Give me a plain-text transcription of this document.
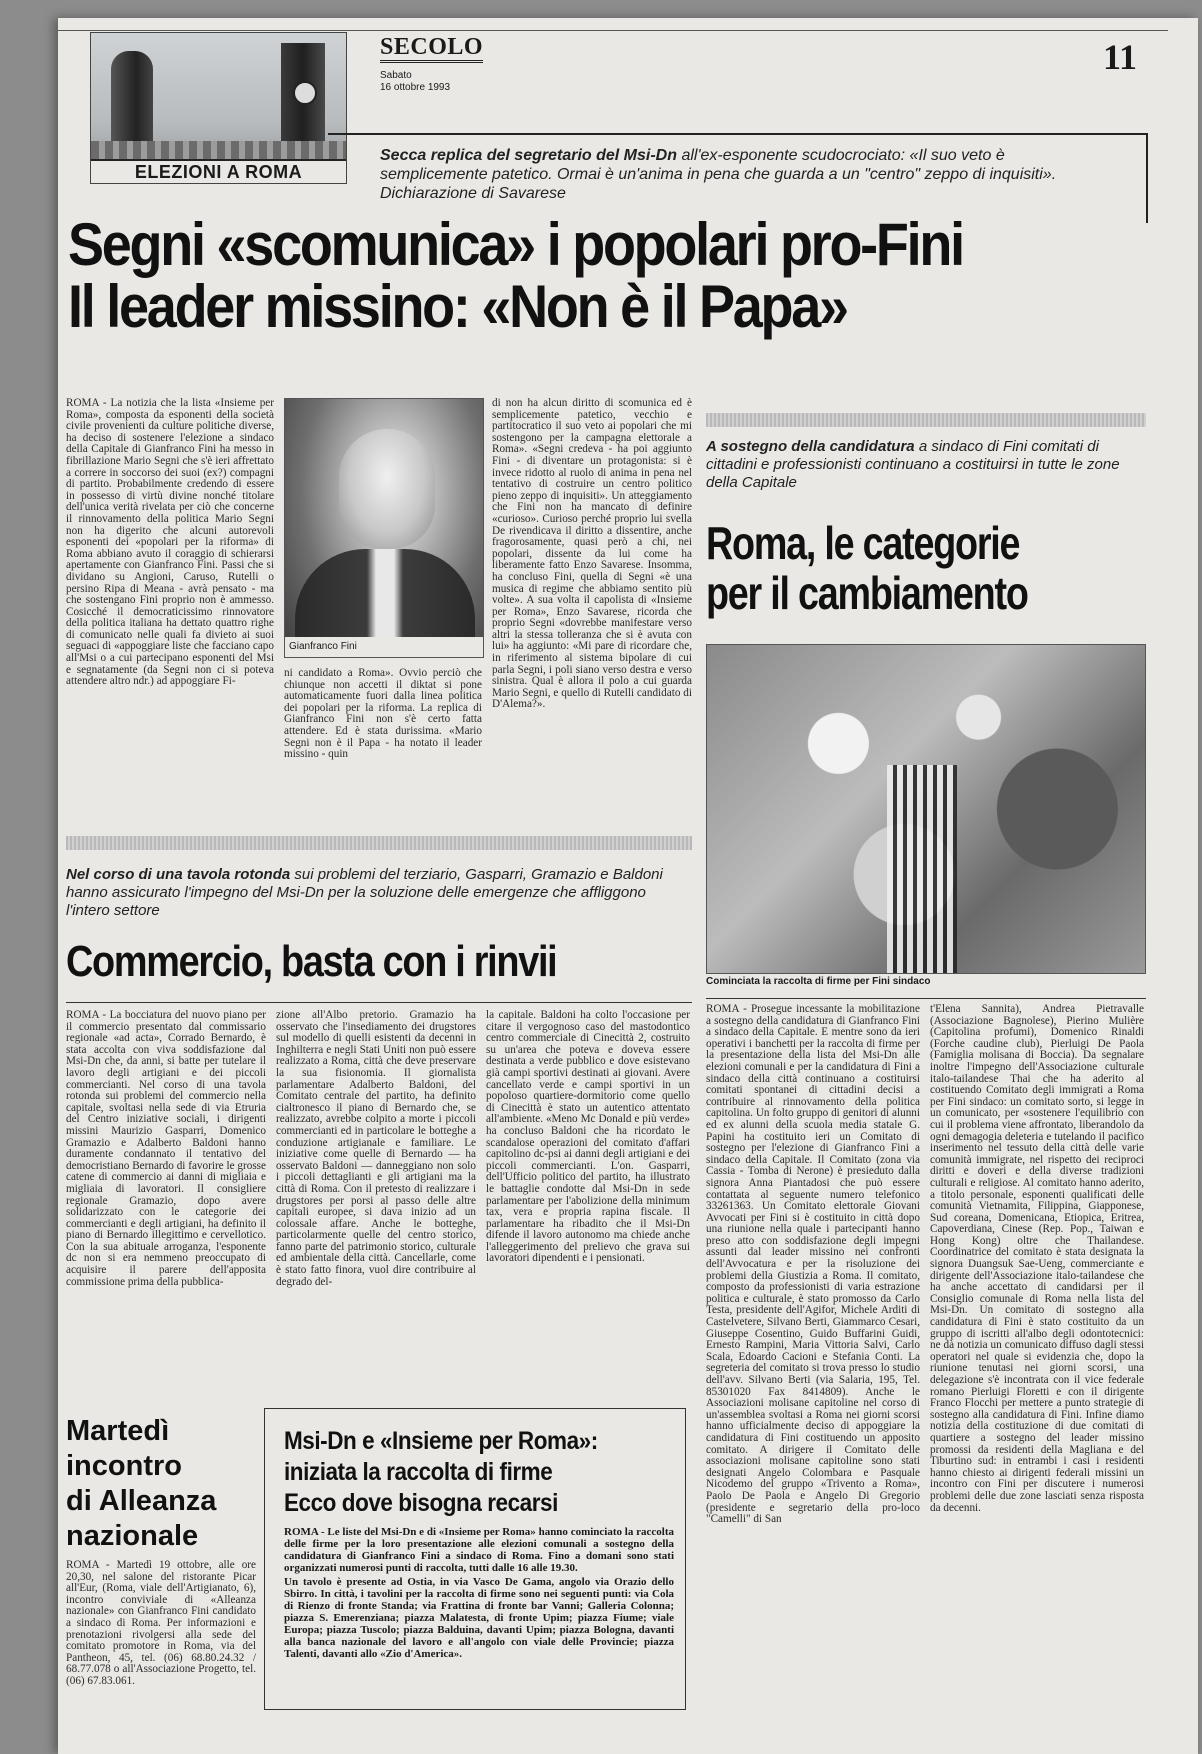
ELEZIONI A ROMA
SECOLO
Sabato
16 ottobre 1993
11
Secca replica del segretario del Msi-Dn all'ex-esponente scudocrociato: «Il suo veto è semplicemente patetico. Ormai è un'anima in pena che guarda a un "centro" zeppo di inquisiti». Dichiarazione di Savarese
Segni «scomunica» i popolari pro-Fini
Il leader missino: «Non è il Papa»
ROMA - La notizia che la lista «Insieme per Roma», composta da esponenti della società civile provenienti da culture politiche diverse, ha deciso di sostenere l'elezione a sindaco della Capitale di Gianfranco Fini ha messo in fibrillazione Mario Segni che s'è ieri affrettato a correre in soccorso dei suoi (ex?) compagni di partito. Probabilmente credendo di essere in possesso di virtù divine nonché titolare dell'unica verità rivelata per ciò che concerne il rinnovamento della politica Mario Segni non ha digerito che alcuni autorevoli esponenti dei «popolari per la riforma» di Roma abbiano avuto il coraggio di schierarsi apertamente con Gianfranco Fini. Passi che si dividano su Angioni, Caruso, Rutelli o persino Ripa di Meana - avrà pensato - ma che sostengano Fini proprio non è ammesso. Cosicché il democraticissimo rinnovatore della politica italiana ha dettato quattro righe di comunicato nelle quali fa divieto ai suoi seguaci di «appoggiare liste che facciano capo all'Msi o a cui partecipano esponenti del Msi e segnatamente (da Segni non ci si poteva attendere altro ndr.) ad appoggiare Fi-
Gianfranco Fini
ni candidato a Roma». Ovvio perciò che chiunque non accetti il diktat si pone automaticamente fuori dalla linea politica dei popolari per la riforma. La replica di Gianfranco Fini non s'è certo fatta attendere. Ed è stata durissima. «Mario Segni non è il Papa - ha notato il leader missino - quin
di non ha alcun diritto di scomunica ed è semplicemente patetico, vecchio e partitocratico il suo veto ai popolari che mi sostengono per la campagna elettorale a Roma». «Segni credeva - ha poi aggiunto Fini - di diventare un protagonista: si è invece ridotto al ruolo di anima in pena nel tentativo di costruire un centro politico pieno zeppo di inquisiti». Un atteggiamento che Fini non ha mancato di definire «curioso». Curioso perché proprio lui svella De rivendicava il diritto a dissentire, anche fragorosamente, quasi però a chi, nei popolari, dissente da lui come ha liberamente fatto Enzo Savarese. Insomma, ha concluso Fini, quella di Segni «è una musica di regime che abbiamo sentito più volte». A sua volta il capolista di «Insieme per Roma», Enzo Savarese, ricorda che proprio Segni «dovrebbe manifestare verso altri la stessa tolleranza che si è avuta con lui» ha aggiunto: «Mi pare di ricordare che, in riferimento al sistema bipolare di cui parla Segni, i poli siano verso destra e verso sinistra. Qual è allora il polo a cui guarda Mario Segni, e quello di Rutelli candidato di D'Alema?».
A sostegno della candidatura a sindaco di Fini comitati di cittadini e professionisti continuano a costituirsi in tutte le zone della Capitale
Roma, le categorie
per il cambiamento
Cominciata la raccolta di firme per Fini sindaco
ROMA - Prosegue incessante la mobilitazione a sostegno della candidatura di Gianfranco Fini a sindaco della Capitale. E mentre sono da ieri operativi i banchetti per la raccolta di firme per la presentazione della lista del Msi-Dn alle elezioni comunali e per la candidatura di Fini a sindaco della città continuano a costituirsi comitati spontanei di cittadini decisi a contribuire al rinnovamento della politica capitolina. Un folto gruppo di genitori di alunni ed ex alunni della scuola media statale G. Papini ha costituito ieri un Comitato di sostegno per l'elezione di Gianfranco Fini a sindaco della Capitale. Il Comitato (zona via Cassia - Tomba di Nerone) è presieduto dalla signora Anna Piantadosi che può essere contattata al seguente numero telefonico 33261363. Un Comitato elettorale Giovani Avvocati per Fini si è costituito in città dopo una riunione nella quale i partecipanti hanno preso atto con soddisfazione degli impegni assunti dal leader missino nei confronti dell'Avvocatura e per la risoluzione dei problemi della Giustizia a Roma. Il comitato, composto da professionisti di varia estrazione politica e culturale, è stato promosso da Carlo Testa, presidente dell'Agifor, Michele Arditi di Castelvetere, Silvano Berti, Giammarco Cesari, Giuseppe Cosentino, Guido Buffarini Guidi, Ernesto Rampini, Maria Vittoria Salvi, Carlo Scala, Edoardo Cacioni e Stefania Conti. La segreteria del comitato si trova presso lo studio dell'avv. Silvano Berti (via Salaria, 195, Tel. 85301020 Fax 8414809). Anche le Associazioni molisane capitoline nel corso di un'assemblea svoltasi a Roma nei giorni scorsi hanno ufficialmente deciso di appoggiare la candidatura di Fini costituendo un apposito comitato. A dirigere il Comitato delle associazioni molisane capitoline sono stati designati Angelo Colombara e Pasquale Nicodemo del gruppo «Trivento a Roma», Paolo De Paola e Angelo Di Gregorio (presidente e segretario della pro-loco "Camelli" di San
t'Elena Sannita), Andrea Pietravalle (Associazione Bagnolese), Pierino Mulière (Capitolina profumi), Domenico Rinaldi (Forche caudine club), Pierluigi De Paola (Famiglia molisana di Boccia). Da segnalare inoltre l'impegno dell'Associazione culturale italo-tailandese Thai che ha aderito al costituendo Comitato degli immigrati a Roma per Fini sindaco: un comitato sorto, si legge in un comunicato, per «sostenere l'equilibrio con cui il problema viene affrontato, liberandolo da ogni demagogia deleteria e tutelando il pacifico inserimento nel tessuto della città delle varie comunità immigrate, nel rispetto dei reciproci diritti e doveri e della diverse tradizioni culturali e religiose. Al comitato hanno aderito, a titolo personale, esponenti qualificati delle comunità Vietnamita, Filippina, Giapponese, Sud coreana, Domenicana, Etiopica, Eritrea, Capoverdiana, Cinese (Rep. Pop., Taiwan e Hong Kong) oltre che Thailandese. Coordinatrice del comitato è stata designata la signora Duangsuk Sae-Ueng, commerciante e dirigente dell'Associazione italo-tailandese che ha anche accettato di candidarsi per il Consiglio comunale di Roma nella lista del Msi-Dn. Un comitato di sostegno alla candidatura di Fini è stato costituito da un gruppo di iscritti all'albo degli odontotecnici: ne dà notizia un comunicato diffuso dagli stessi operatori nel quale si evidenzia che, dopo la riunione tenutasi nei giorni scorsi, una delegazione s'è incontrata con il vice federale romano Pierluigi Floretti e con il dirigente Franco Flocchi per mettere a punto strategie di sostegno alla candidatura di Fini. Infine diamo notizia della costituzione di due comitati di quartiere a sostegno del leader missino promossi da residenti della Magliana e del Tiburtino sud: in entrambi i casi i residenti hanno chiesto ai dirigenti federali missini un incontro con Fini per discutere i numerosi problemi delle due zone lasciati senza risposta da decenni.
Nel corso di una tavola rotonda sui problemi del terziario, Gasparri, Gramazio e Baldoni hanno assicurato l'impegno del Msi-Dn per la soluzione delle emergenze che affliggono l'intero settore
Commercio, basta con i rinvii
ROMA - La bocciatura del nuovo piano per il commercio presentato dal commissario regionale «ad acta», Corrado Bernardo, è stata accolta con viva soddisfazione dal Msi-Dn che, da anni, si batte per tutelare il lavoro degli artigiani e dei piccoli commercianti. Nel corso di una tavola rotonda sui problemi del commercio nella capitale, svoltasi nella sede di via Etruria del Centro iniziative sociali, i dirigenti missini Maurizio Gasparri, Domenico Gramazio e Adalberto Baldoni hanno duramente condannato il tentativo del democristiano Bernardo di favorire le grosse catene di commercio ai danni di migliaia e migliaia di lavoratori. Il consigliere regionale Gramazio, dopo avere solidarizzato con le categorie dei commercianti e degli artigiani, ha definito il piano di Bernardo illegittimo e cervellotico. Con la sua abituale arroganza, l'esponente dc non si era nemmeno preoccupato di acquisire il parere dell'apposita commissione prima della pubblica-
zione all'Albo pretorio. Gramazio ha osservato che l'insediamento dei drugstores sul modello di quelli esistenti da decenni in Inghilterra e negli Stati Uniti non può essere realizzato a Roma, città che deve preservare la sua fisionomia. Il giornalista parlamentare Adalberto Baldoni, del Comitato centrale del partito, ha definito cialtronesco il piano di Bernardo che, se realizzato, avrebbe colpito a morte i piccoli commercianti ed in particolare le botteghe a conduzione artigianale e familiare. Le iniziative come quelle di Bernardo — ha osservato Baldoni — danneggiano non solo i piccoli dettaglianti e gli artigiani ma la città di Roma. Con il pretesto di realizzare i drugstores per porsi al passo delle altre capitali europee, si dava inizio ad un colossale affare. Anche le botteghe, particolarmente quelle del centro storico, fanno parte del patrimonio storico, culturale ed ambientale della città. Cancellarle, come è stato fatto finora, vuol dire contribuire al degrado del-
la capitale. Baldoni ha colto l'occasione per citare il vergognoso caso del mastodontico centro commerciale di Cinecittà 2, costruito su un'area che poteva e doveva essere destinata a verde pubblico e dove esistevano già campi sportivi destinati ai giovani. Avere cancellato verde e campi sportivi in un popoloso quartiere-dormitorio come quello di Cinecittà è stato un autentico attentato all'ambiente. «Meno Mc Donald e più verde» ha concluso Baldoni che ha ricordato le scandalose operazioni del comitato d'affari capitolino dc-psi ai danni degli artigiani e dei piccoli commercianti. L'on. Gasparri, dell'Ufficio politico del partito, ha illustrato le battaglie condotte dal Msi-Dn in sede parlamentare per l'abolizione della minimum tax, vera e propria rapina fiscale. Il parlamentare ha ribadito che il Msi-Dn difende il lavoro autonomo ma chiede anche l'alleggerimento del prelievo che grava sui lavoratori dipendenti e i pensionati.
Martedì
incontro
di Alleanza
nazionale
ROMA - Martedì 19 ottobre, alle ore 20,30, nel salone del ristorante Picar all'Eur, (Roma, viale dell'Artigianato, 6), incontro conviviale di «Alleanza nazionale» con Gianfranco Fini candidato a sindaco di Roma. Per informazioni e prenotazioni rivolgersi alla sede del comitato promotore in Roma, via del Pantheon, 45, tel. (06) 68.80.24.32 / 68.77.078 o all'Associazione Progetto, tel. (06) 67.83.061.
Msi-Dn e «Insieme per Roma»:
iniziata la raccolta di firme
Ecco dove bisogna recarsi
ROMA - Le liste del Msi-Dn e di «Insieme per Roma» hanno cominciato la raccolta delle firme per la loro presentazione alle elezioni comunali a sostegno della candidatura di Gianfranco Fini a sindaco di Roma. Fino a domani sono stati organizzati numerosi punti di raccolta, tutti dalle 16 alle 19.30.
Un tavolo è presente ad Ostia, in via Vasco De Gama, angolo via Orazio dello Sbirro. In città, i tavolini per la raccolta di firme sono nei seguenti punti: via Cola di Rienzo di fronte Standa; via Frattina di fronte bar Vanni; Galleria Colonna; piazza S. Emerenziana; piazza Malatesta, di fronte Upim; piazza Fiume; viale Europa; piazza Tuscolo; piazza Balduina, davanti Upim; piazza Bologna, davanti alla banca nazionale del lavoro e all'angolo con viale delle Provincie; piazza Talenti, davanti allo «Zio d'America».
